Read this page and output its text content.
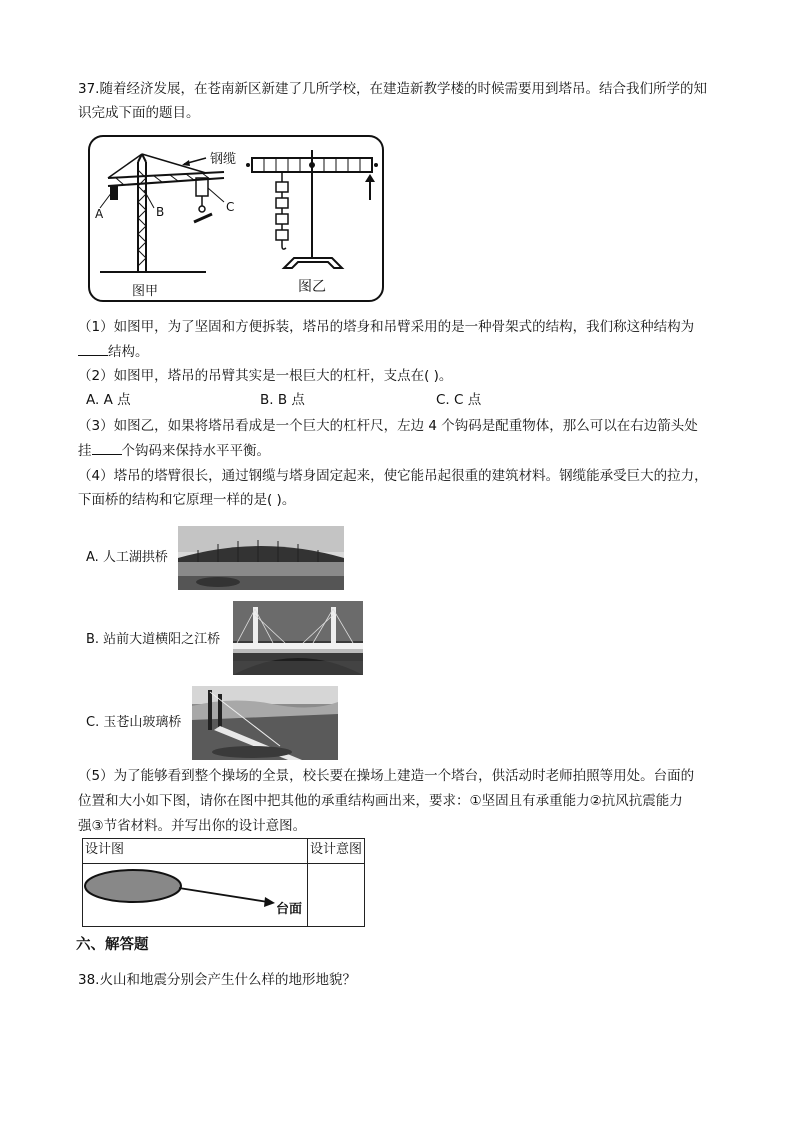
37.随着经济发展，在苍南新区新建了几所学校，在建造新教学楼的时候需要用到塔吊。结合我们所学的知
识完成下面的题目。
钢缆
A	B	C
图甲	图乙
（1）如图甲，为了坚固和方便拆装，塔吊的塔身和吊臂采用的是一种骨架式的结构，我们称这种结构为
结构。
（2）如图甲，塔吊的吊臂其实是一根巨大的杠杆，支点在( )。
A. A 点	B. B 点	C. C 点
（3）如图乙，如果将塔吊看成是一个巨大的杠杆尺，左边 4 个钩码是配重物体，那么可以在右边箭头处
挂 个钩码来保持水平平衡。
（4）塔吊的塔臂很长，通过钢缆与塔身固定起来，使它能吊起很重的建筑材料。钢缆能承受巨大的拉力，
下面桥的结构和它原理一样的是( )。
A. 人工湖拱桥
B. 站前大道横阳之江桥
C. 玉苍山玻璃桥
（5）为了能够看到整个操场的全景，校长要在操场上建造一个塔台，供活动时老师拍照等用处。台面的
位置和大小如下图，请你在图中把其他的承重结构画出来，要求：①坚固且有承重能力②抗风抗震能力
强③节省材料。并写出你的设计意图。
设计图	设计意图

台面	

六、解答题
38.火山和地震分别会产生什么样的地形地貌？
